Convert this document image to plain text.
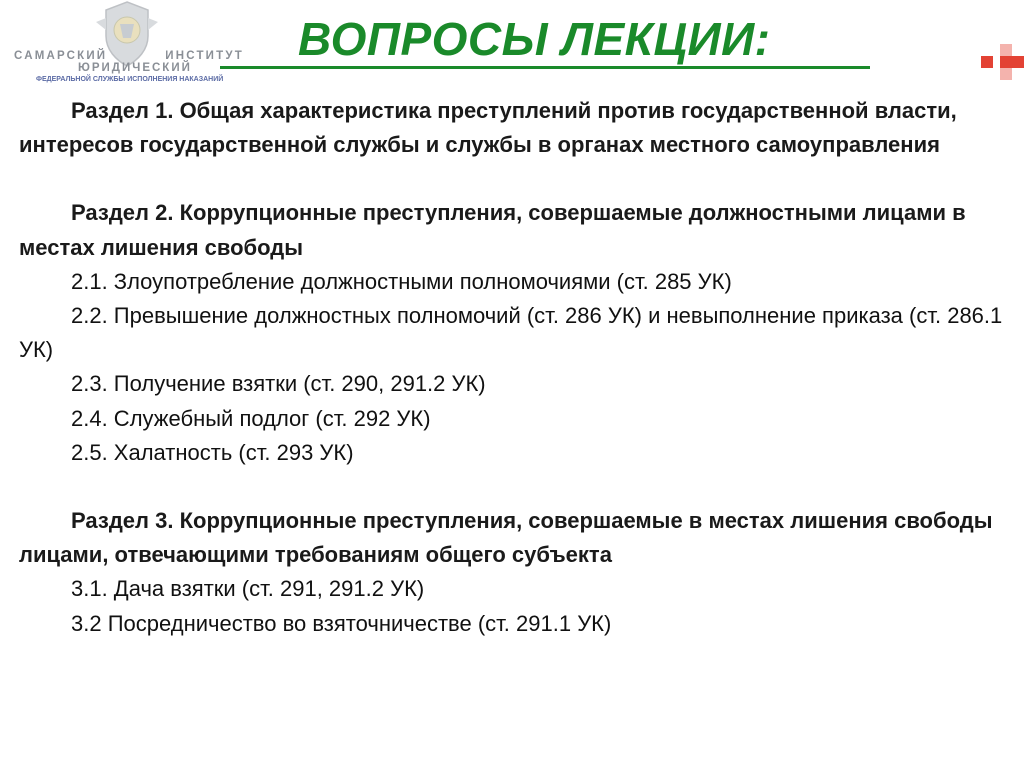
САМАРСКИЙ	ИНСТИТУТ
ЮРИДИЧЕСКИЙ
ФЕДЕРАЛЬНОЙ СЛУЖБЫ ИСПОЛНЕНИЯ НАКАЗАНИЙ
ВОПРОСЫ ЛЕКЦИИ:

Раздел 1. Общая характеристика преступлений против государственной власти, интересов государственной службы и службы в органах местного самоуправления

Раздел 2. Коррупционные преступления, совершаемые должностными лицами в местах лишения свободы

2.1. Злоупотребление должностными полномочиями (ст. 285 УК)

2.2. Превышение должностных полномочий (ст. 286 УК) и невыполнение приказа (ст. 286.1 УК)

2.3. Получение взятки (ст. 290, 291.2 УК)

2.4. Служебный подлог (ст. 292 УК)

2.5. Халатность (ст. 293 УК)

Раздел 3. Коррупционные преступления, совершаемые в местах лишения свободы лицами, отвечающими требованиям общего субъекта

3.1. Дача взятки (ст. 291, 291.2 УК)

3.2 Посредничество во взяточничестве (ст. 291.1 УК)
